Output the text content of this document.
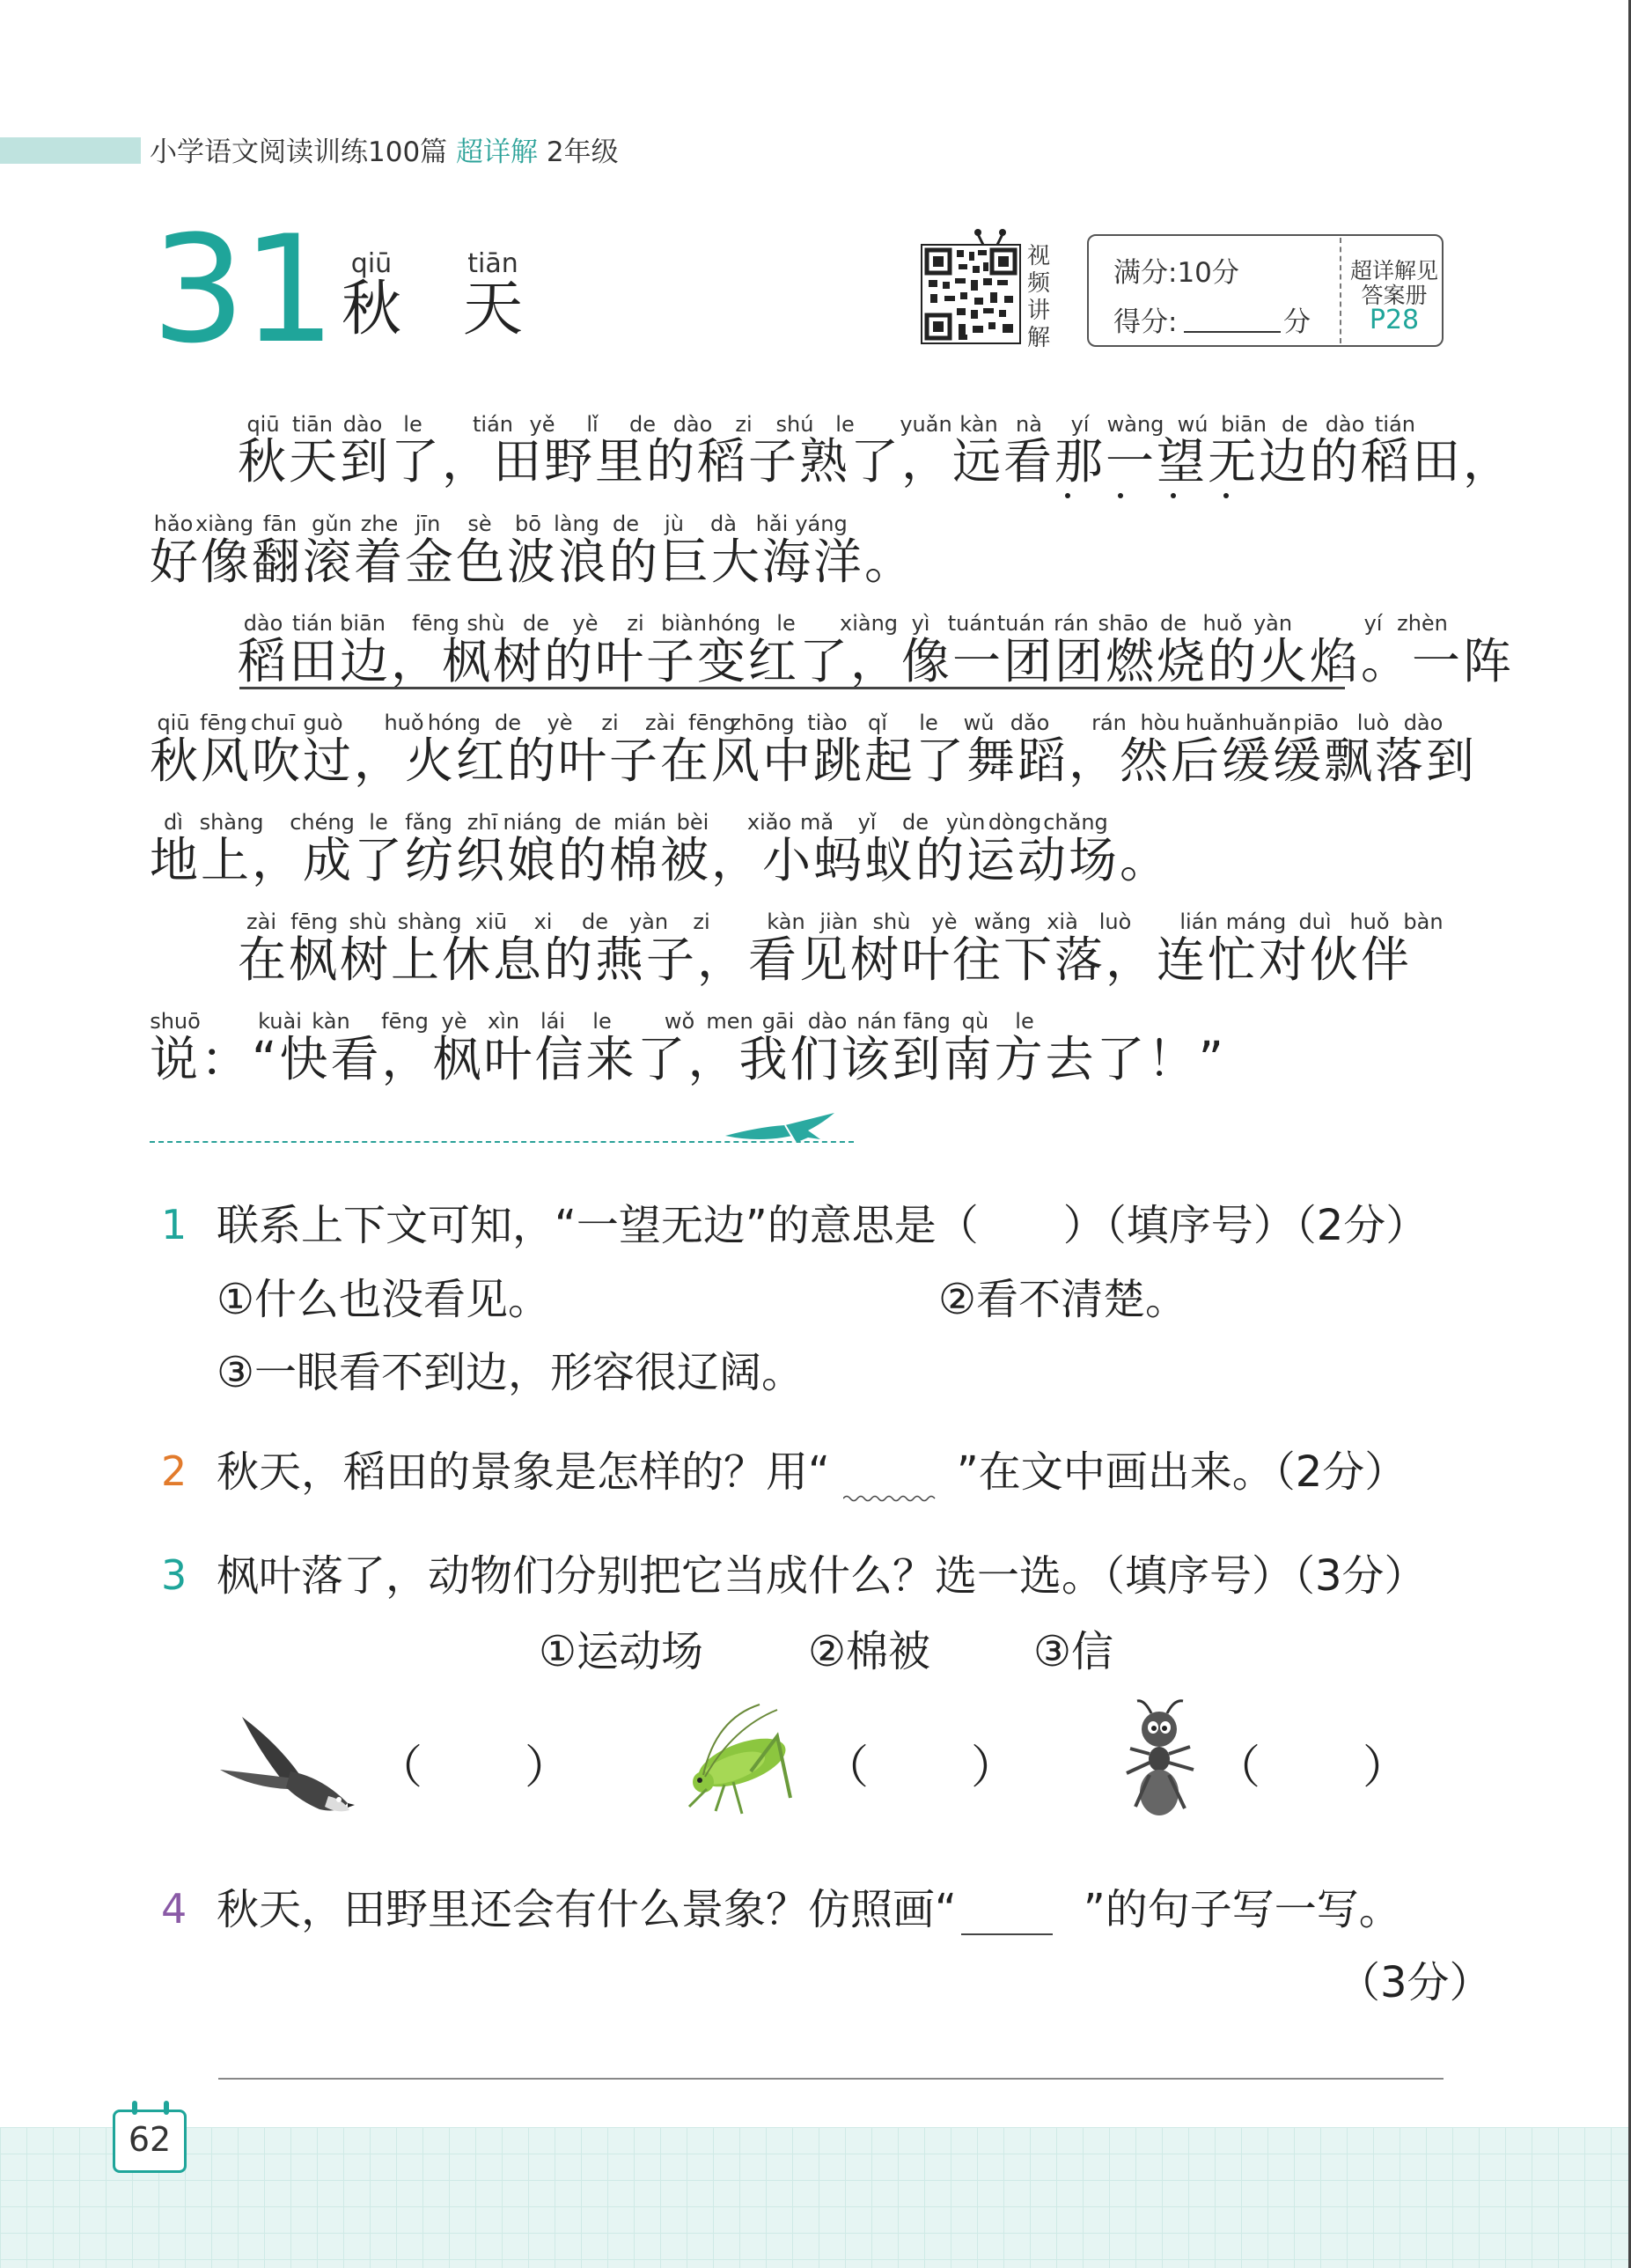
小学语文阅读训练100篇 超详解 2年级
31 qiū
秋
tiān
天
视
频
讲
解
满分:10分
得分:	分
超详解见
答案册
P28
qiū tiān dào le tián yě lǐ de dào zi shú le yuǎn kàn nà yí wàng wú biān de dào tián
秋天到了，田野里的稻子熟了，远看那一望无边的稻田，
hǎo xiàng fān gǔn zhe jīn sè bō làng de jù dà hǎi yáng
好像翻滚着金色波浪的巨大海洋。
dào tián biān fēng shù de yè zi biàn hóng le xiàng yì tuán tuán rán shāo de huǒ yàn	yí zhèn
稻田边，枫树的叶子变红了，像一团团燃烧的火焰。一阵
qiū fēng chuī guò huǒ hóng de yè zi zài fēng
zhōng tiào qǐ le wǔ dǎo rán hòu huǎn huǎn piāo luò dào
秋风吹过，火红的叶子在风中跳起了舞蹈，然后缓缓飘落到
dì shàng chéng le fǎng zhī niáng de mián bèi xiǎo mǎ yǐ de yùn dòng chǎng
地上，成了纺织娘的棉被，小蚂蚁的运动场。
zài fēng shù shàng xiū xi de yàn zi	kàn jiàn shù yè wǎng xià luò lián máng duì huǒ bàn
在枫树上休息的燕子，看见树叶往下落，连忙对伙伴
shuō	kuài kàn fēng yè xìn lái le	wǒ men gāi dào nán fāng qù le
说：“快看，枫叶信来了，我们该到南方去了！”
1 联系上下文可知，“一望无边”的意思是（　　）（填序号）（2分）
①什么也没看见。	②看不清楚。
③一眼看不到边，形容很辽阔。
2 秋天，稻田的景象是怎样的？用“　　　”在文中画出来。（2分）
3 枫叶落了，动物们分别把它当成什么？选一选。（填序号）（3分）
①运动场 ②棉被 ③信
（　　）	（　　）	（　　）
4 秋天，田野里还会有什么景象？仿照画“　　　”的句子写一写。
（3分）
62
